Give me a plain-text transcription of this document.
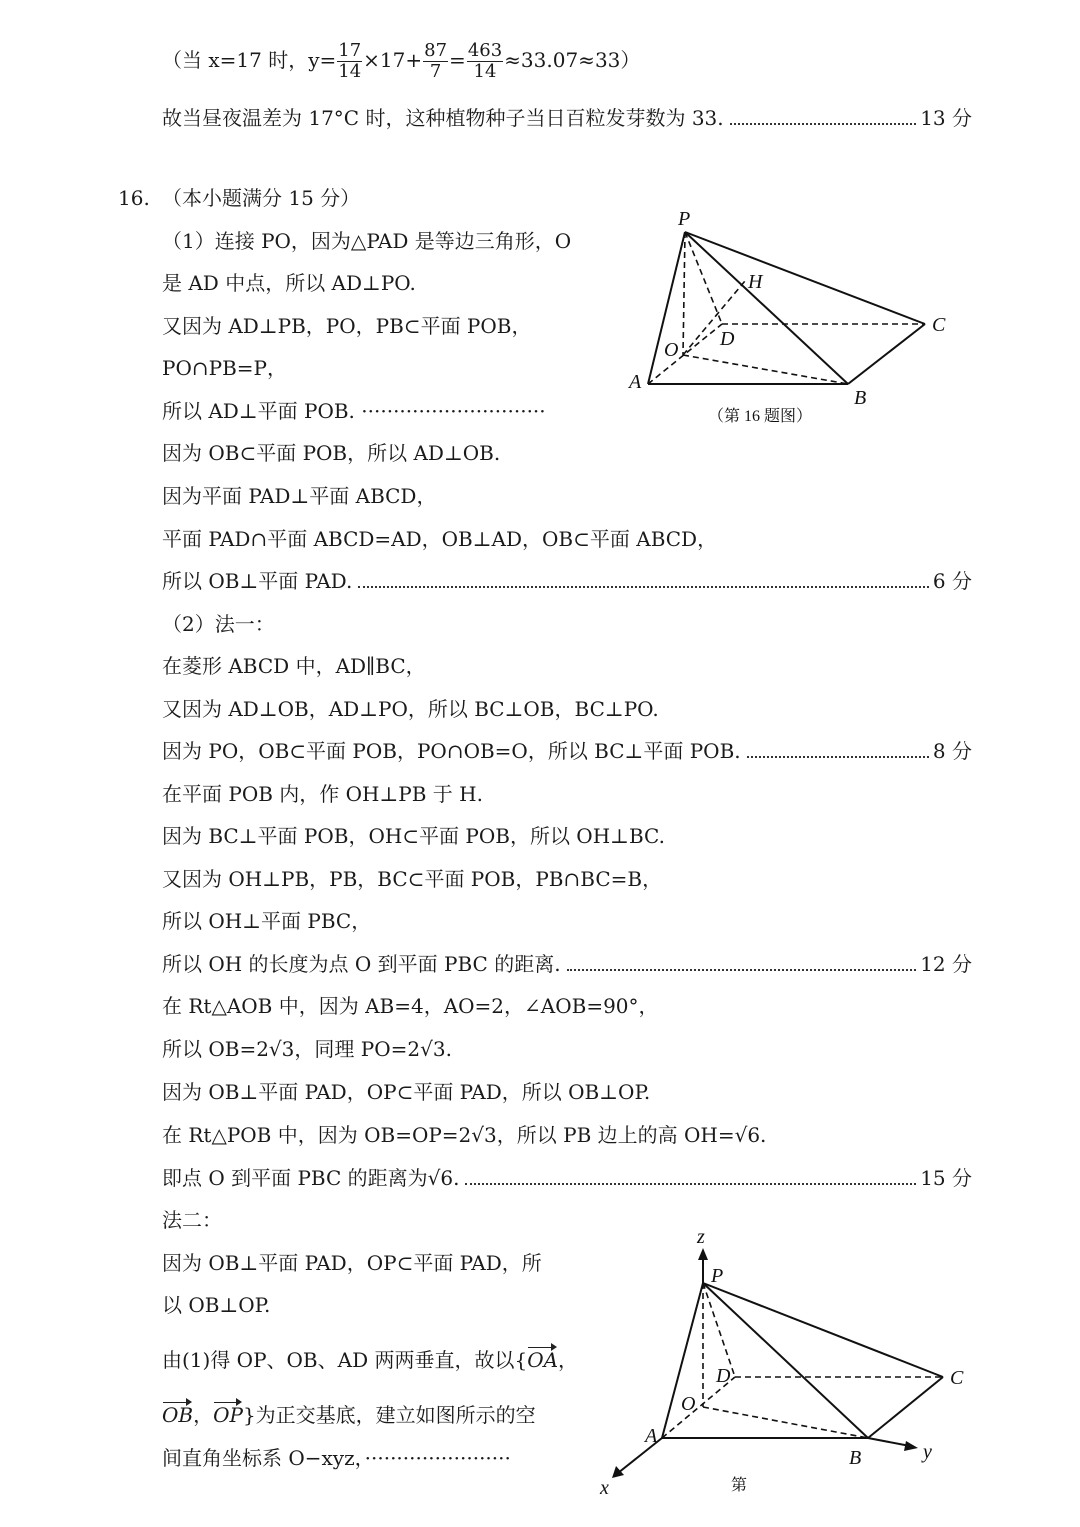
（当 x=17 时，$y= \frac{17}{14} \times 17+ \frac{87}{7} = \frac{463}{14} \approx 33.07\approx 33$）
故当昼夜温差为 17°C 时，这种植物种子当日百粒发芽数为 33.	13 分
16. （本小题满分 15 分）
（1）连接 PO，因为△PAD 是等边三角形，O
是 AD 中点，所以 AD⊥PO.
又因为 AD⊥PB，PO，PB⊂平面 POB，
PO∩PB=P，
所以 AD⊥平面 POB. ·····························
因为 OB⊂平面 POB，所以 AD⊥OB.
因为平面 PAD⊥平面 ABCD，
平面 PAD∩平面 ABCD=AD，OB⊥AD，OB⊂平面 ABCD，
所以 OB⊥平面 PAD.	6 分
（2）法一：
在菱形 ABCD 中，AD∥BC，
又因为 AD⊥OB，AD⊥PO，所以 BC⊥OB，BC⊥PO.
因为 PO，OB⊂平面 POB，PO∩OB=O，所以 BC⊥平面 POB.	8 分
在平面 POB 内，作 OH⊥PB 于 H.
因为 BC⊥平面 POB，OH⊂平面 POB，所以 OH⊥BC.
又因为 OH⊥PB，PB，BC⊂平面 POB，PB∩BC=B，
所以 OH⊥平面 PBC，
所以 OH 的长度为点 O 到平面 PBC 的距离.	12 分
在 Rt△AOB 中，因为 AB=4，AO=2，∠AOB=90°，
所以 OB=2√3，同理 PO=2√3.
因为 OB⊥平面 PAD，OP⊂平面 PAD，所以 OB⊥OP.
在 Rt△POB 中，因为 OB=OP=2√3，所以 PB 边上的高 OH=√6.
即点 O 到平面 PBC 的距离为√6.	15 分
法二：
因为 OB⊥平面 PAD，OP⊂平面 PAD，所
以 OB⊥OP.
由(1)得 OP、OB、AD 两两垂直，故以{OA，
OB，OP}为正交基底，建立如图所示的空
间直角坐标系 O−xyz，·······················
P
H
D
C
O
A
B
（第 16 题图）
z
P
D	C
O
A
B
x
y
第
